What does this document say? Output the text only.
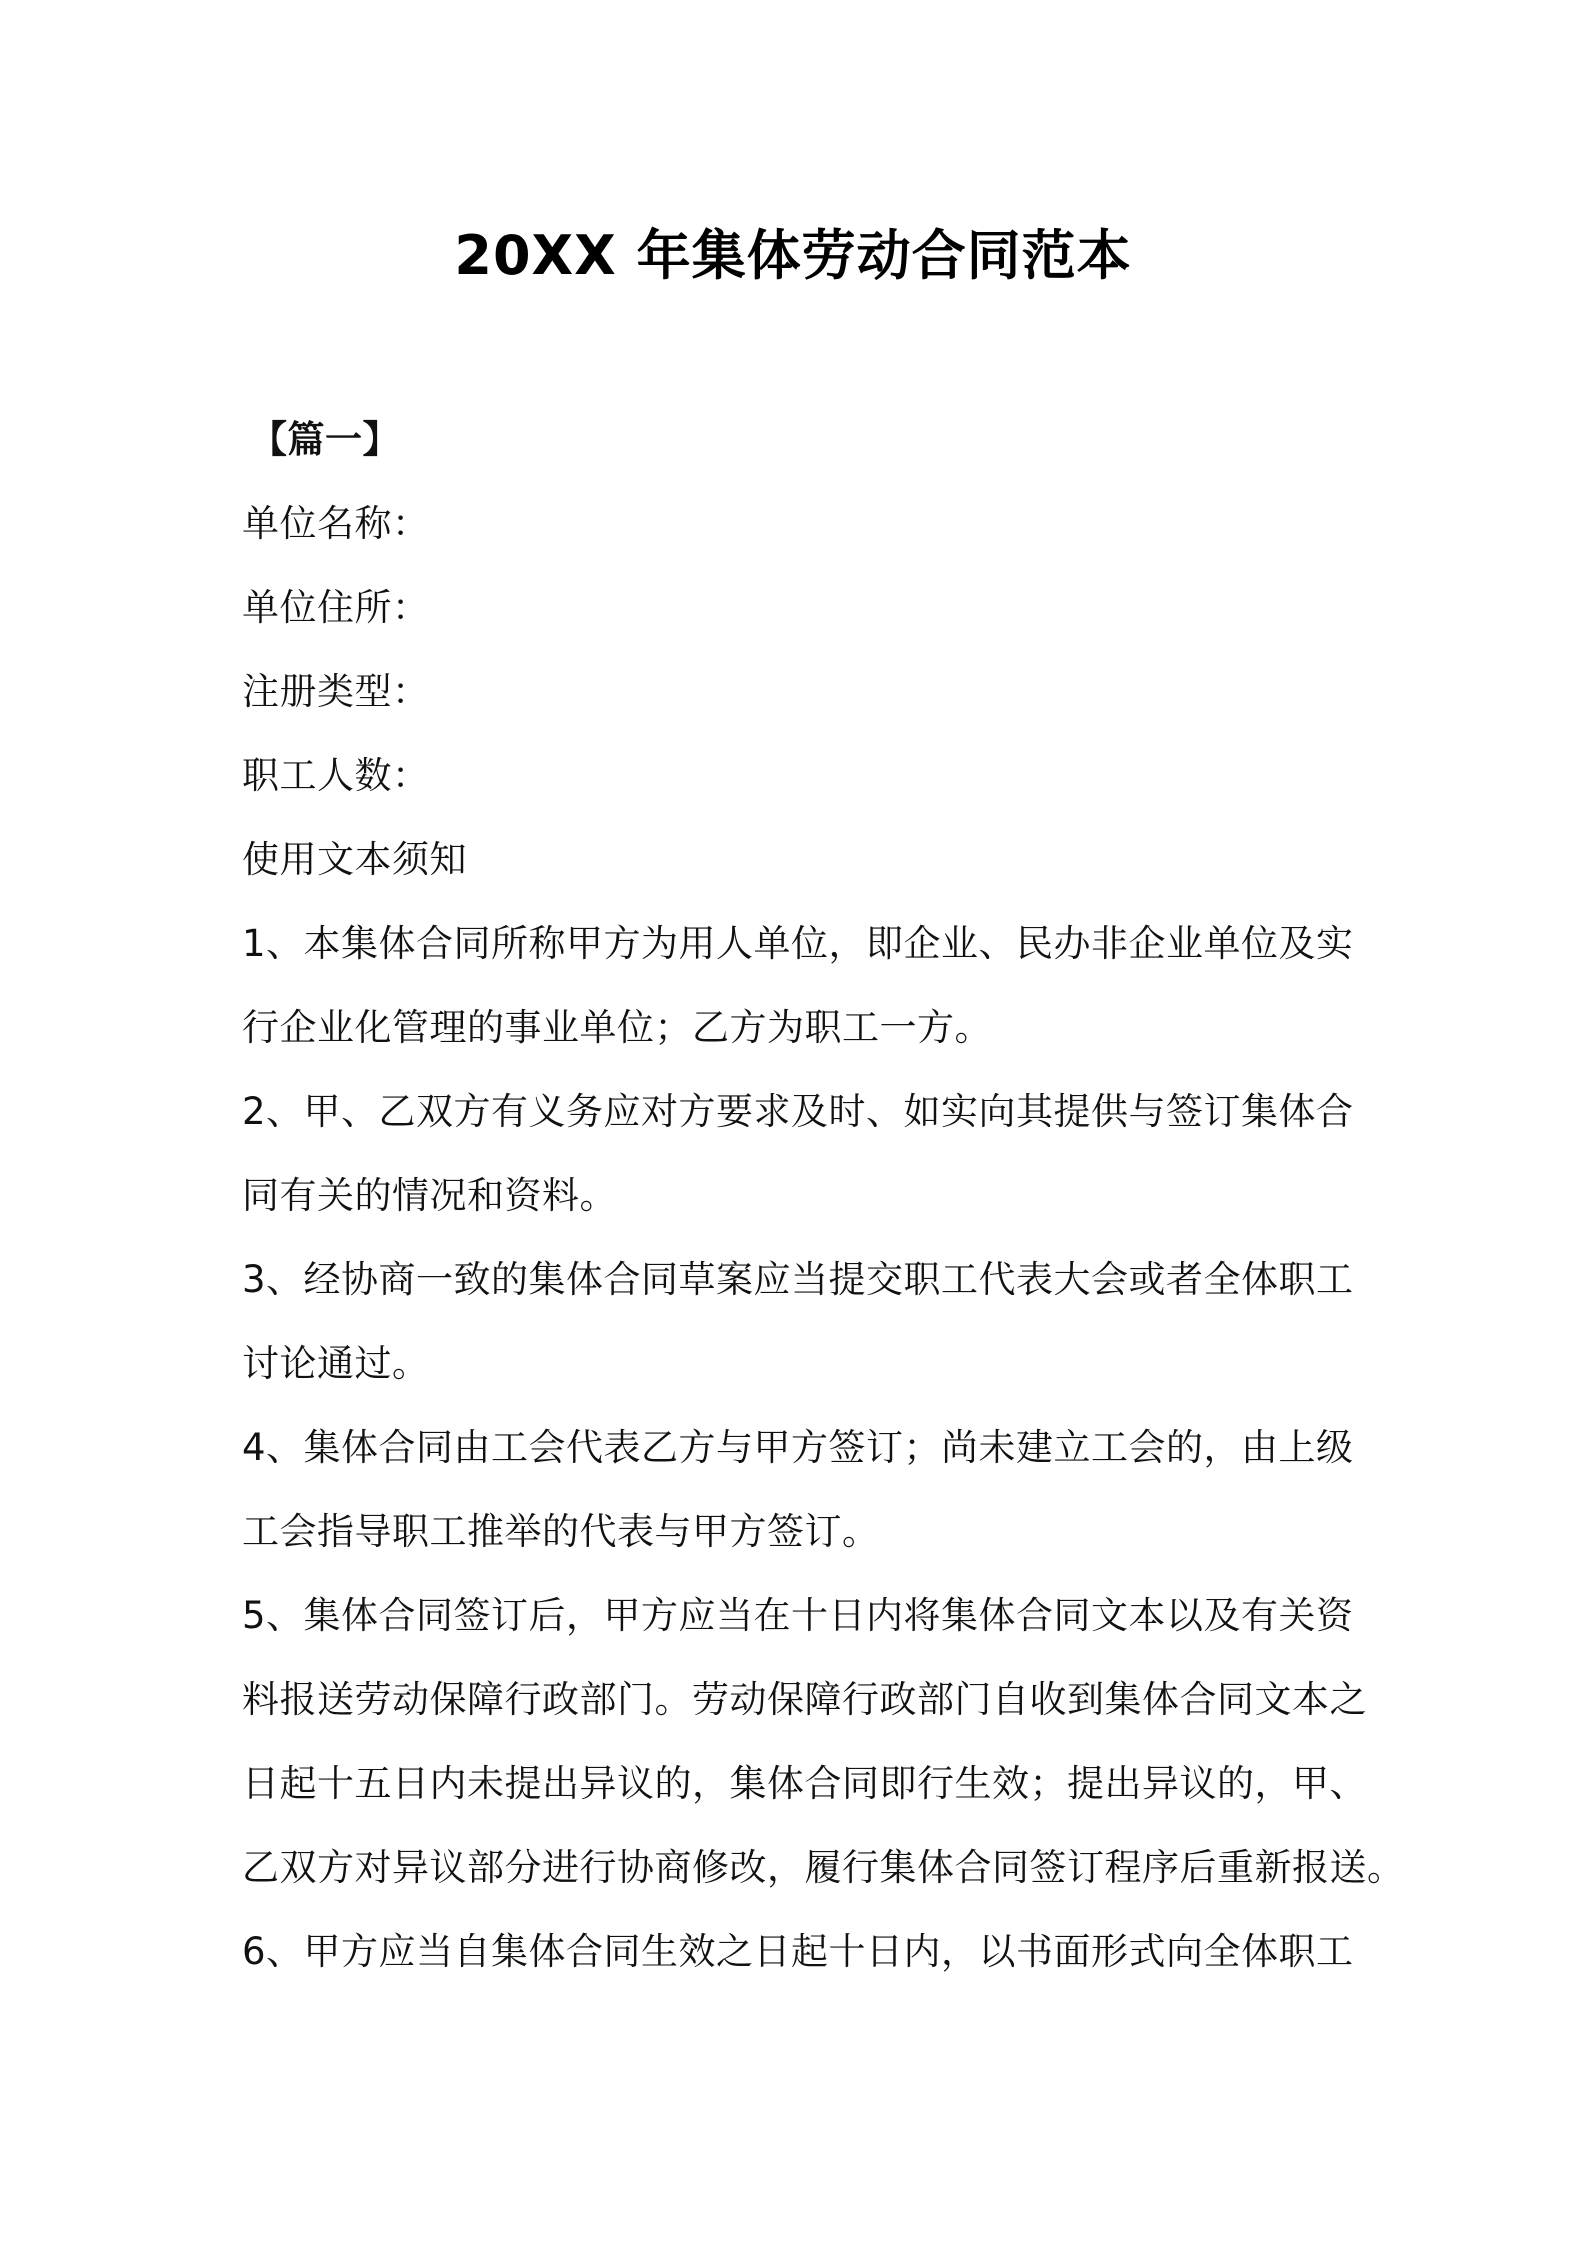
20XX 年集体劳动合同范本
【篇一】
单位名称：
单位住所：
注册类型：
职工人数：
使用文本须知
1、本集体合同所称甲方为用人单位，即企业、民办非企业单位及实
行企业化管理的事业单位；乙方为职工一方。
2、甲、乙双方有义务应对方要求及时、如实向其提供与签订集体合
同有关的情况和资料。
3、经协商一致的集体合同草案应当提交职工代表大会或者全体职工
讨论通过。
4、集体合同由工会代表乙方与甲方签订；尚未建立工会的，由上级
工会指导职工推举的代表与甲方签订。
5、集体合同签订后，甲方应当在十日内将集体合同文本以及有关资
料报送劳动保障行政部门。劳动保障行政部门自收到集体合同文本之
日起十五日内未提出异议的，集体合同即行生效；提出异议的，甲、
乙双方对异议部分进行协商修改，履行集体合同签订程序后重新报送。
6、甲方应当自集体合同生效之日起十日内，以书面形式向全体职工
